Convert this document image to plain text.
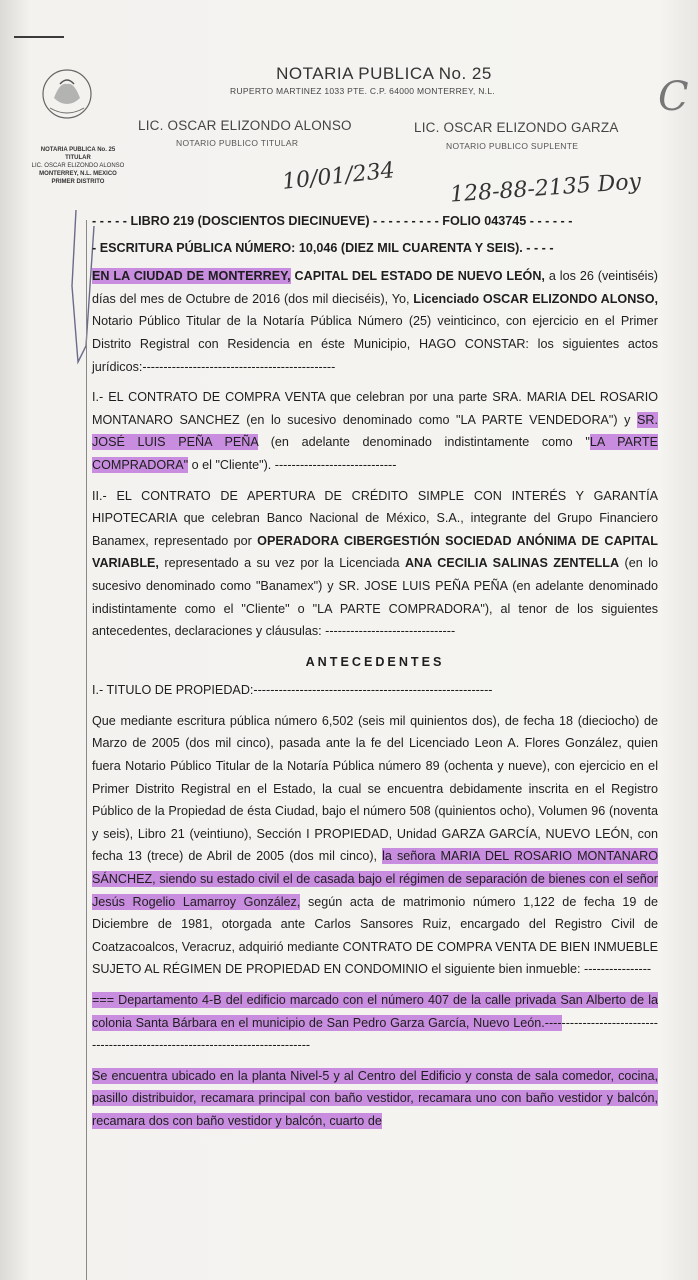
NOTARIA PUBLICA No. 25
TITULAR
LIC. OSCAR ELIZONDO ALONSO
MONTERREY, N.L. MEXICO
PRIMER DISTRITO
NOTARIA PUBLICA No. 25
RUPERTO MARTINEZ 1033 PTE. C.P. 64000 MONTERREY, N.L.
LIC. OSCAR ELIZONDO ALONSO
NOTARIO PUBLICO TITULAR
LIC. OSCAR ELIZONDO GARZA
NOTARIO PUBLICO SUPLENTE
10/01/234 128-88-2135 Doy
C

- - - - - LIBRO 219 (DOSCIENTOS DIECINUEVE) - - - - - - - - - FOLIO 043745 - - - - - -

- ESCRITURA PÚBLICA NÚMERO: 10,046 (DIEZ MIL CUARENTA Y SEIS). - - - -

EN LA CIUDAD DE MONTERREY, CAPITAL DEL ESTADO DE NUEVO LEÓN, a los 26 (veintiséis) días del mes de Octubre de 2016 (dos mil dieciséis), Yo, Licenciado OSCAR ELIZONDO ALONSO, Notario Público Titular de la Notaría Pública Número (25) veinticinco, con ejercicio en el Primer Distrito Registral con Residencia en éste Municipio, HAGO CONSTAR: los siguientes actos jurídicos:----------------------------------------------

I.- EL CONTRATO DE COMPRA VENTA que celebran por una parte SRA. MARIA DEL ROSARIO MONTANARO SANCHEZ (en lo sucesivo denominado como "LA PARTE VENDEDORA") y SR. JOSÉ LUIS PEÑA PEÑA (en adelante denominado indistintamente como "LA PARTE COMPRADORA" o el "Cliente"). -----------------------------

II.- EL CONTRATO DE APERTURA DE CRÉDITO SIMPLE CON INTERÉS Y GARANTÍA HIPOTECARIA que celebran Banco Nacional de México, S.A., integrante del Grupo Financiero Banamex, representado por OPERADORA CIBERGESTIÓN SOCIEDAD ANÓNIMA DE CAPITAL VARIABLE, representado a su vez por la Licenciada ANA CECILIA SALINAS ZENTELLA (en lo sucesivo denominado como "Banamex") y SR. JOSE LUIS PEÑA PEÑA (en adelante denominado indistintamente como el "Cliente" o "LA PARTE COMPRADORA"), al tenor de los siguientes antecedentes, declaraciones y cláusulas: -------------------------------

ANTECEDENTES

I.- TITULO DE PROPIEDAD:---------------------------------------------------------

Que mediante escritura pública número 6,502 (seis mil quinientos dos), de fecha 18 (dieciocho) de Marzo de 2005 (dos mil cinco), pasada ante la fe del Licenciado Leon A. Flores González, quien fuera Notario Público Titular de la Notaría Pública número 89 (ochenta y nueve), con ejercicio en el Primer Distrito Registral en el Estado, la cual se encuentra debidamente inscrita en el Registro Público de la Propiedad de ésta Ciudad, bajo el número 508 (quinientos ocho), Volumen 96 (noventa y seis), Libro 21 (veintiuno), Sección I PROPIEDAD, Unidad GARZA GARCÍA, NUEVO LEÓN, con fecha 13 (trece) de Abril de 2005 (dos mil cinco), la señora MARIA DEL ROSARIO MONTANARO SÁNCHEZ, siendo su estado civil el de casada bajo el régimen de separación de bienes con el señor Jesús Rogelio Lamarroy González, según acta de matrimonio número 1,122 de fecha 19 de Diciembre de 1981, otorgada ante Carlos Sansores Ruiz, encargado del Registro Civil de Coatzacoalcos, Veracruz, adquirió mediante CONTRATO DE COMPRA VENTA DE BIEN INMUEBLE SUJETO AL RÉGIMEN DE PROPIEDAD EN CONDOMINIO el siguiente bien inmueble: ----------------

=== Departamento 4-B del edificio marcado con el número 407 de la calle privada San Alberto de la colonia Santa Bárbara en el municipio de San Pedro Garza García, Nuevo León.-------------------------------------------------------------------------------

Se encuentra ubicado en la planta Nivel-5 y al Centro del Edificio y consta de sala comedor, cocina, pasillo distribuidor, recamara principal con baño vestidor, recamara uno con baño vestidor y balcón, recamara dos con baño vestidor y balcón, cuarto de
